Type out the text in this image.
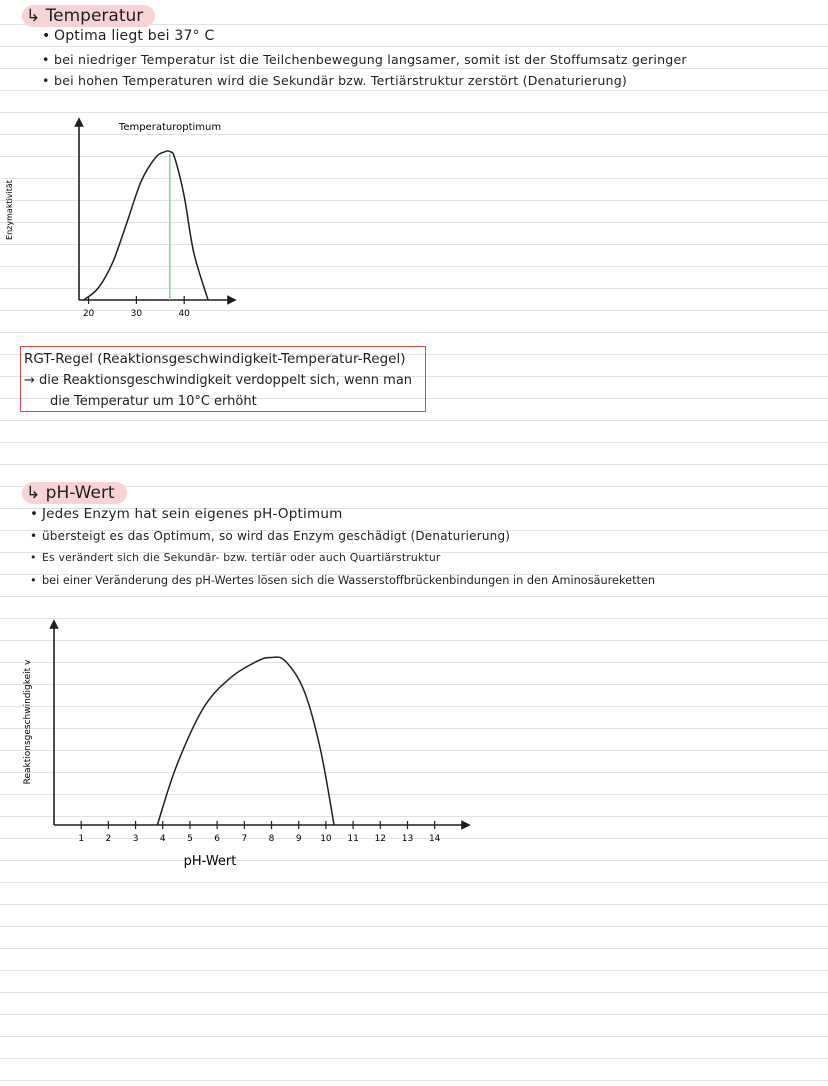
↳ Temperatur
• Optima liegt bei 37° C
• bei niedriger Temperatur ist die Teilchenbewegung langsamer, somit ist der Stoffumsatz geringer
• bei hohen Temperaturen wird die Sekundär bzw. Tertiärstruktur zerstört (Denaturierung)
Enzymaktivität
Temperaturoptimum
20	30	40
RGT-Regel (Reaktionsgeschwindigkeit-Temperatur-Regel)
→ die Reaktionsgeschwindigkeit verdoppelt sich, wenn man
die Temperatur um 10°C erhöht
↳ pH-Wert
• Jedes Enzym hat sein eigenes pH-Optimum
• übersteigt es das Optimum, so wird das Enzym geschädigt (Denaturierung)
• Es verändert sich die Sekundär- bzw. tertiär oder auch Quartiärstruktur
• bei einer Veränderung des pH-Wertes lösen sich die Wasserstoffbrückenbindungen in den Aminosäureketten
Reaktionsgeschwindigkeit v
pH-Wert
1 2 3 4 5 6 7 8 9 10 11 12 13 14
